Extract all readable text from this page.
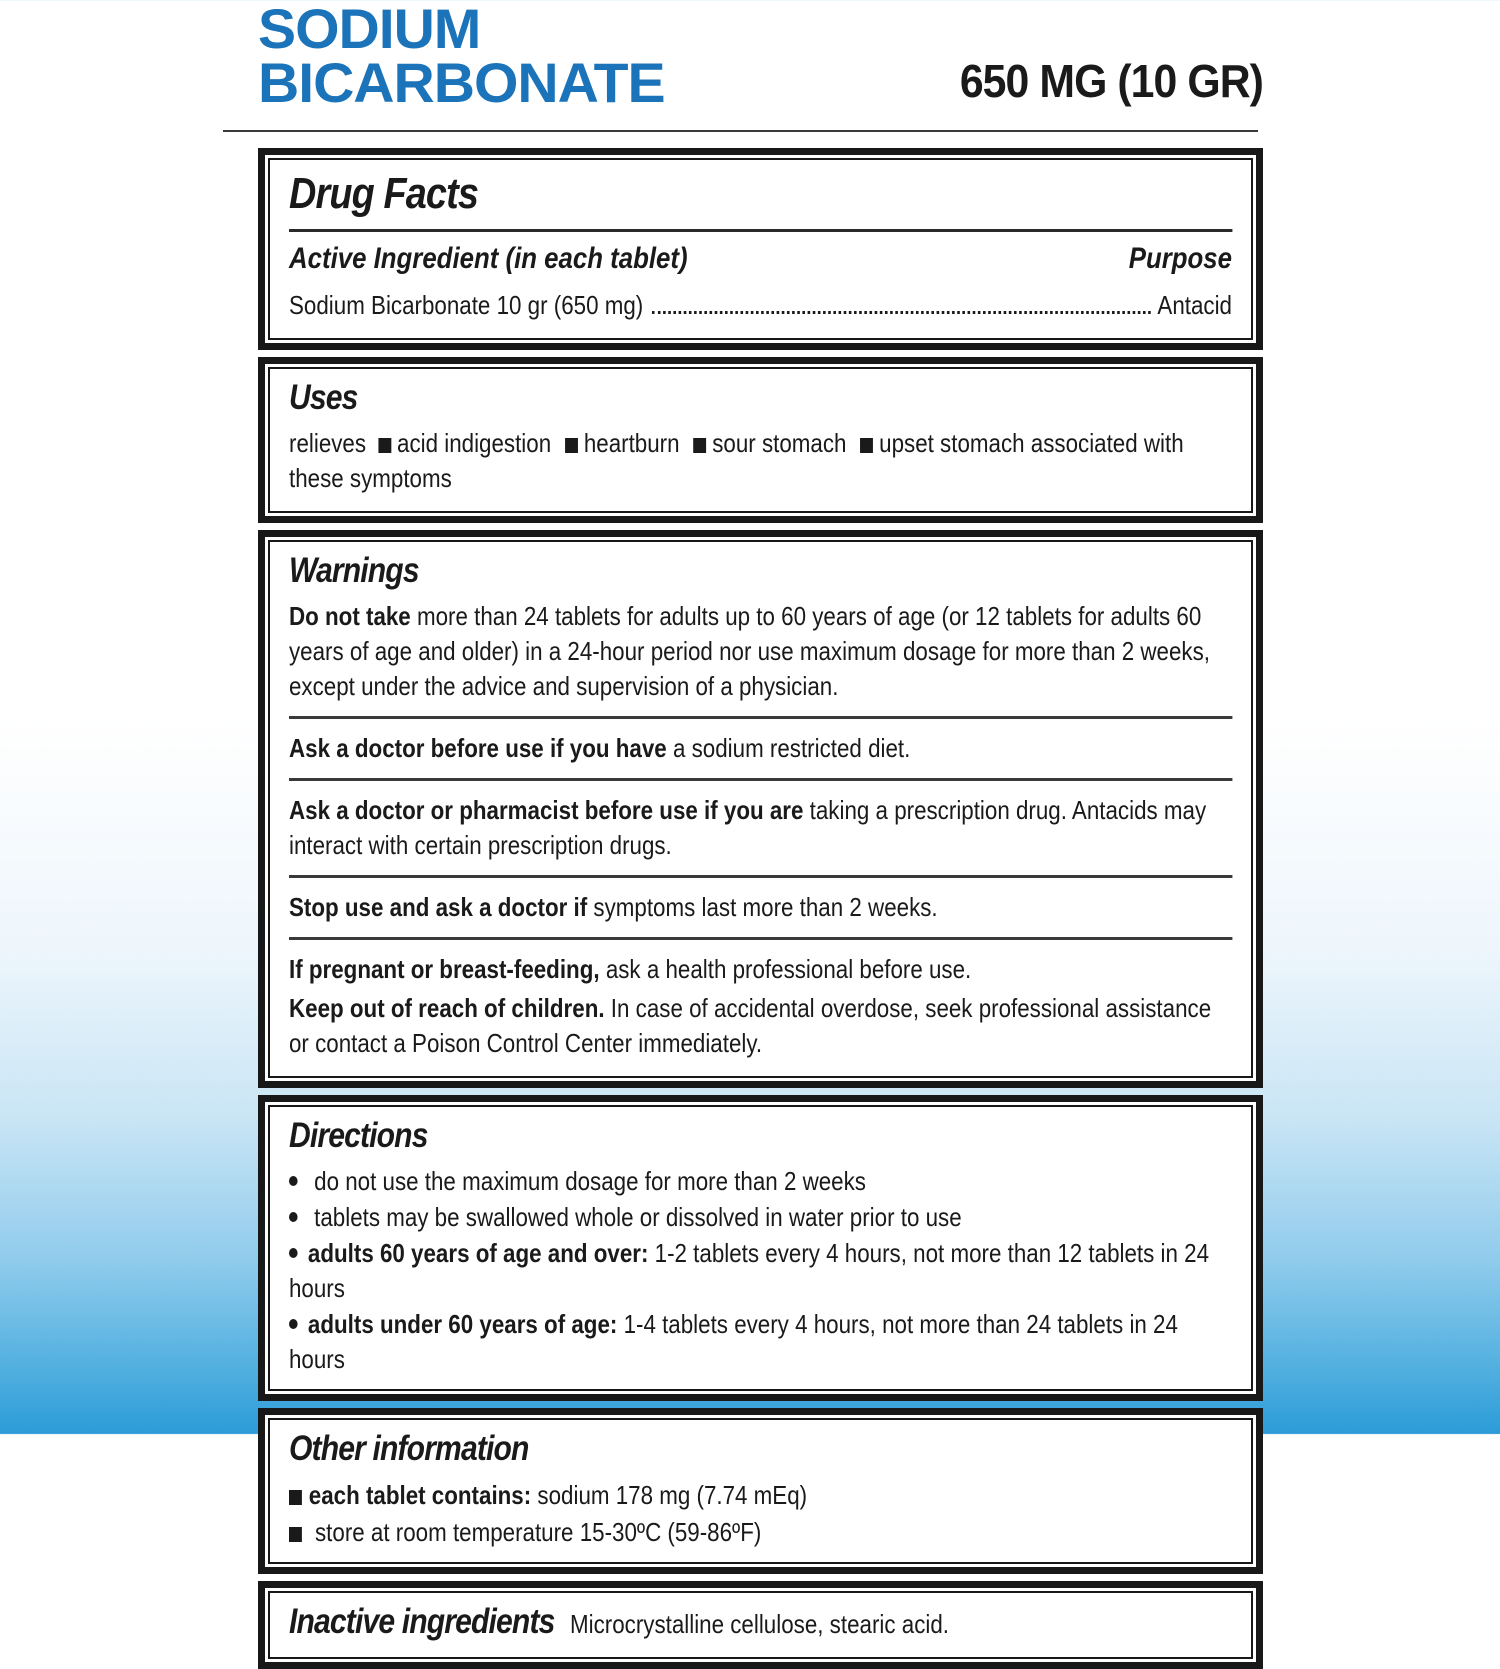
SODIUM
BICARBONATE	650 MG (10 GR)
Drug Facts
Active Ingredient (in each tablet)	Purpose
Sodium Bicarbonate 10 gr (650 mg)	Antacid
Uses

relieves acid indigestion heartburn sour stomach upset stomach associated with these symptoms

Warnings

Do not take more than 24 tablets for adults up to 60 years of age (or 12 tablets for adults 60 years of age and older) in a 24-hour period nor use maximum dosage for more than 2 weeks, except under the advice and supervision of a physician.

Ask a doctor before use if you have a sodium restricted diet.

Ask a doctor or pharmacist before use if you are taking a prescription drug. Antacids may interact with certain prescription drugs.

Stop use and ask a doctor if symptoms last more than 2 weeks.

If pregnant or breast-feeding, ask a health professional before use.

Keep out of reach of children. In case of accidental overdose, seek professional assistance or contact a Poison Control Center immediately.

Directions
do not use the maximum dosage for more than 2 weeks
tablets may be swallowed whole or dissolved in water prior to use
adults 60 years of age and over: 1-2 tablets every 4 hours, not more than 12 tablets in 24 hours
adults under 60 years of age: 1-4 tablets every 4 hours, not more than 24 tablets in 24 hours
Other information
each tablet contains: sodium 178 mg (7.74 mEq)
store at room temperature 15-30ºC (59-86ºF)
Inactive ingredients Microcrystalline cellulose, stearic acid.
